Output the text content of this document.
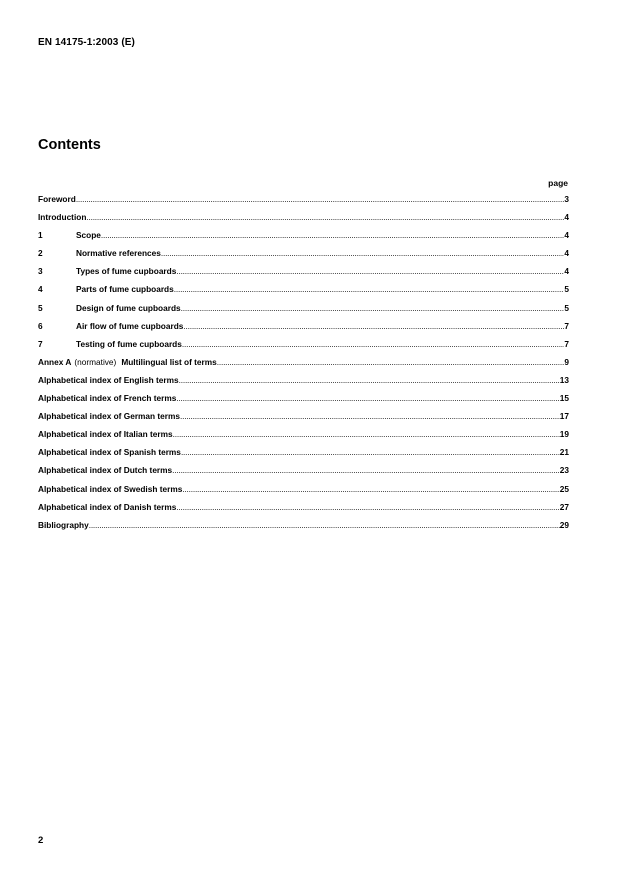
EN 14175-1:2003 (E)
Contents
page
Foreword .....	3
Introduction .....	4
1	Scope .....	4
2	Normative references .....	4
3	Types of fume cupboards .....	4
4	Parts of fume cupboards .....	5
5	Design of fume cupboards .....	5
6	Air flow of fume cupboards .....	7
7	Testing of fume cupboards .....	7
Annex A (normative) Multilingual list of terms .....	9
Alphabetical index of English terms .....	13
Alphabetical index of French terms .....	15
Alphabetical index of German terms .....	17
Alphabetical index of Italian terms .....	19
Alphabetical index of Spanish terms .....	21
Alphabetical index of Dutch terms .....	23
Alphabetical index of Swedish terms .....	25
Alphabetical index of Danish terms .....	27
Bibliography .....	29
2
